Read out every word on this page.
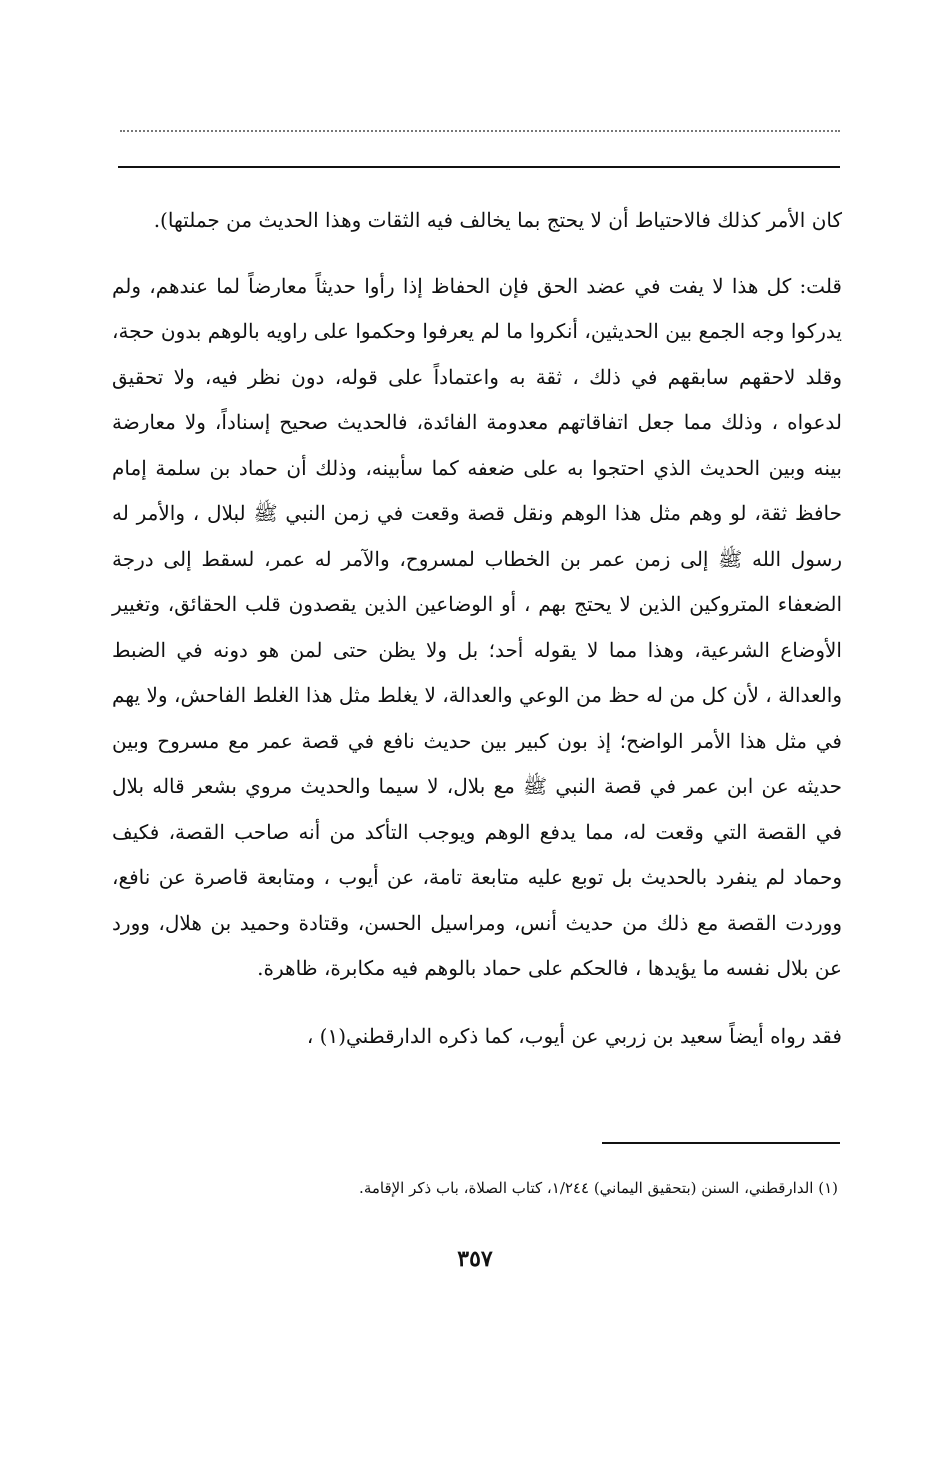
كان الأمر كذلك فالاحتياط أن لا يحتج بما يخالف فيه الثقات وهذا الحديث من جملتها).

قلت: كل هذا لا يفت في عضد الحق فإن الحفاظ إذا رأوا حديثاً معارضاً لما عندهم، ولم يدركوا وجه الجمع بين الحديثين، أنكروا ما لم يعرفوا وحكموا على راويه بالوهم بدون حجة، وقلد لاحقهم سابقهم في ذلك ، ثقة به واعتماداً على قوله، دون نظر فيه، ولا تحقيق لدعواه ، وذلك مما جعل اتفاقاتهم معدومة الفائدة، فالحديث صحيح إسناداً، ولا معارضة بينه وبين الحديث الذي احتجوا به على ضعفه كما سأبينه، وذلك أن حماد بن سلمة إمام حافظ ثقة، لو وهم مثل هذا الوهم ونقل قصة وقعت في زمن النبي ﷺ لبلال ، والأمر له رسول الله ﷺ إلى زمن عمر بن الخطاب لمسروح، والآمر له عمر، لسقط إلى درجة الضعفاء المتروكين الذين لا يحتج بهم ، أو الوضاعين الذين يقصدون قلب الحقائق، وتغيير الأوضاع الشرعية، وهذا مما لا يقوله أحد؛ بل ولا يظن حتى لمن هو دونه في الضبط والعدالة ، لأن كل من له حظ من الوعي والعدالة، لا يغلط مثل هذا الغلط الفاحش، ولا يهم في مثل هذا الأمر الواضح؛ إذ بون كبير بين حديث نافع في قصة عمر مع مسروح وبين حديثه عن ابن عمر في قصة النبي ﷺ مع بلال، لا سيما والحديث مروي بشعر قاله بلال في القصة التي وقعت له، مما يدفع الوهم ويوجب التأكد من أنه صاحب القصة، فكيف وحماد لم ينفرد بالحديث بل توبع عليه متابعة تامة، عن أيوب ، ومتابعة قاصرة عن نافع، ووردت القصة مع ذلك من حديث أنس، ومراسيل الحسن، وقتادة وحميد بن هلال، وورد عن بلال نفسه ما يؤيدها ، فالحكم على حماد بالوهم فيه مكابرة، ظاهرة.

فقد رواه أيضاً سعيد بن زربي عن أيوب، كما ذكره الدارقطني(١) ،

(١) الدارقطني، السنن (بتحقيق اليماني) ١/٢٤٤، كتاب الصلاة، باب ذكر الإقامة.
٣٥٧
